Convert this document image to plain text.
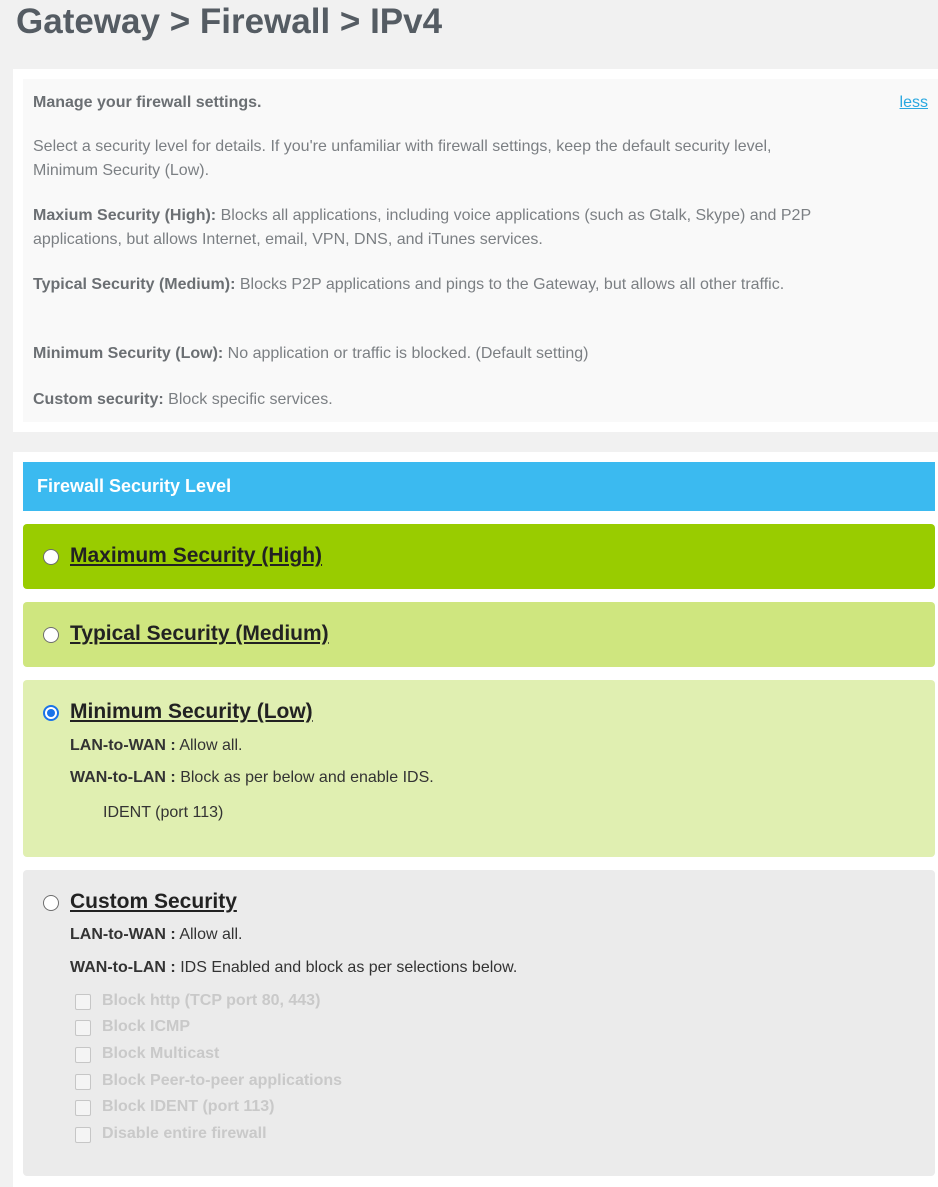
Gateway > Firewall > IPv4
less

Manage your firewall settings.

Select a security level for details. If you're unfamiliar with firewall settings, keep the default security level, Minimum Security (Low).

Maxium Security (High): Blocks all applications, including voice applications (such as Gtalk, Skype) and P2P applications, but allows Internet, email, VPN, DNS, and iTunes services.

Typical Security (Medium): Blocks P2P applications and pings to the Gateway, but allows all other traffic.

Minimum Security (Low): No application or traffic is blocked. (Default setting)

Custom security: Block specific services.

Firewall Security Level
Maximum Security (High)
Typical Security (Medium)
Minimum Security (Low)
LAN-to-WAN : Allow all.
WAN-to-LAN : Block as per below and enable IDS.
IDENT (port 113)
Custom Security
LAN-to-WAN : Allow all.
WAN-to-LAN : IDS Enabled and block as per selections below.
Block http (TCP port 80, 443)
Block ICMP
Block Multicast
Block Peer-to-peer applications
Block IDENT (port 113)
Disable entire firewall
